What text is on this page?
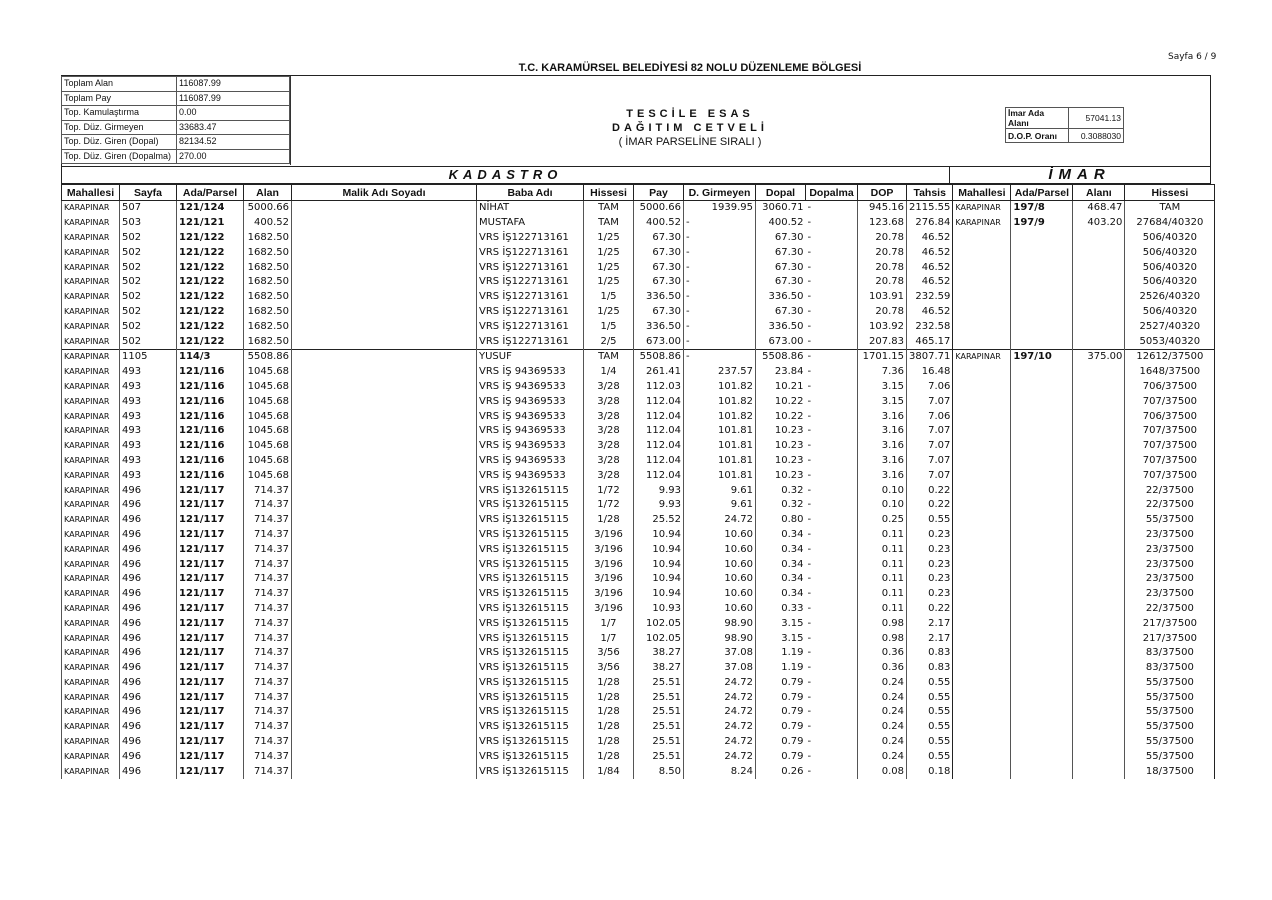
Sayfa 6 / 9
T.C. KARAMÜRSEL BELEDİYESİ 82 NOLU DÜZENLEME BÖLGESİ
Toplam Alan	116087.99
Toplam Pay	116087.99
Top. Kamulaştırma	0.00
Top. Düz. Girmeyen	33683.47
Top. Düz. Giren (Dopal)	82134.52
Top. Düz. Giren (Dopalma)	270.00
TESCİLE ESAS
DAĞITIM CETVELİ
( İMAR PARSELİNE SIRALI )
İmar Ada Alanı	57041.13
D.O.P. Oranı	0.3088030
KADASTRO	İMAR
Mahallesi	Sayfa	Ada/Parsel	Alan	Malik Adı Soyadı	Baba Adı	Hissesi	Pay	D. Girmeyen	Dopal	Dopalma	DOP	Tahsis	Mahallesi	Ada/Parsel	Alanı	Hissesi
KARAPINAR	507	121/124	5000.66		NİHAT	TAM	5000.66	1939.95	3060.71	-	945.16	2115.55	KARAPINAR	197/8	468.47	TAM
KARAPINAR	503	121/121	400.52		MUSTAFA	TAM	400.52	-	400.52	-	123.68	276.84	KARAPINAR	197/9	403.20	27684/40320
KARAPINAR	502	121/122	1682.50		VRS İŞ122713161	1/25	67.30	-	67.30	-	20.78	46.52				506/40320
KARAPINAR	502	121/122	1682.50		VRS İŞ122713161	1/25	67.30	-	67.30	-	20.78	46.52				506/40320
KARAPINAR	502	121/122	1682.50		VRS İŞ122713161	1/25	67.30	-	67.30	-	20.78	46.52				506/40320
KARAPINAR	502	121/122	1682.50		VRS İŞ122713161	1/25	67.30	-	67.30	-	20.78	46.52				506/40320
KARAPINAR	502	121/122	1682.50		VRS İŞ122713161	1/5	336.50	-	336.50	-	103.91	232.59				2526/40320
KARAPINAR	502	121/122	1682.50		VRS İŞ122713161	1/25	67.30	-	67.30	-	20.78	46.52				506/40320
KARAPINAR	502	121/122	1682.50		VRS İŞ122713161	1/5	336.50	-	336.50	-	103.92	232.58				2527/40320
KARAPINAR	502	121/122	1682.50		VRS İŞ122713161	2/5	673.00	-	673.00	-	207.83	465.17				5053/40320
KARAPINAR	1105	114/3	5508.86		YUSUF	TAM	5508.86	-	5508.86	-	1701.15	3807.71	KARAPINAR	197/10	375.00	12612/37500
KARAPINAR	493	121/116	1045.68		VRS İŞ 94369533	1/4	261.41	237.57	23.84	-	7.36	16.48				1648/37500
KARAPINAR	493	121/116	1045.68		VRS İŞ 94369533	3/28	112.03	101.82	10.21	-	3.15	7.06				706/37500
KARAPINAR	493	121/116	1045.68		VRS İŞ 94369533	3/28	112.04	101.82	10.22	-	3.15	7.07				707/37500
KARAPINAR	493	121/116	1045.68		VRS İŞ 94369533	3/28	112.04	101.82	10.22	-	3.16	7.06				706/37500
KARAPINAR	493	121/116	1045.68		VRS İŞ 94369533	3/28	112.04	101.81	10.23	-	3.16	7.07				707/37500
KARAPINAR	493	121/116	1045.68		VRS İŞ 94369533	3/28	112.04	101.81	10.23	-	3.16	7.07				707/37500
KARAPINAR	493	121/116	1045.68		VRS İŞ 94369533	3/28	112.04	101.81	10.23	-	3.16	7.07				707/37500
KARAPINAR	493	121/116	1045.68		VRS İŞ 94369533	3/28	112.04	101.81	10.23	-	3.16	7.07				707/37500
KARAPINAR	496	121/117	714.37		VRS İŞ132615115	1/72	9.93	9.61	0.32	-	0.10	0.22				22/37500
KARAPINAR	496	121/117	714.37		VRS İŞ132615115	1/72	9.93	9.61	0.32	-	0.10	0.22				22/37500
KARAPINAR	496	121/117	714.37		VRS İŞ132615115	1/28	25.52	24.72	0.80	-	0.25	0.55				55/37500
KARAPINAR	496	121/117	714.37		VRS İŞ132615115	3/196	10.94	10.60	0.34	-	0.11	0.23				23/37500
KARAPINAR	496	121/117	714.37		VRS İŞ132615115	3/196	10.94	10.60	0.34	-	0.11	0.23				23/37500
KARAPINAR	496	121/117	714.37		VRS İŞ132615115	3/196	10.94	10.60	0.34	-	0.11	0.23				23/37500
KARAPINAR	496	121/117	714.37		VRS İŞ132615115	3/196	10.94	10.60	0.34	-	0.11	0.23				23/37500
KARAPINAR	496	121/117	714.37		VRS İŞ132615115	3/196	10.94	10.60	0.34	-	0.11	0.23				23/37500
KARAPINAR	496	121/117	714.37		VRS İŞ132615115	3/196	10.93	10.60	0.33	-	0.11	0.22				22/37500
KARAPINAR	496	121/117	714.37		VRS İŞ132615115	1/7	102.05	98.90	3.15	-	0.98	2.17				217/37500
KARAPINAR	496	121/117	714.37		VRS İŞ132615115	1/7	102.05	98.90	3.15	-	0.98	2.17				217/37500
KARAPINAR	496	121/117	714.37		VRS İŞ132615115	3/56	38.27	37.08	1.19	-	0.36	0.83				83/37500
KARAPINAR	496	121/117	714.37		VRS İŞ132615115	3/56	38.27	37.08	1.19	-	0.36	0.83				83/37500
KARAPINAR	496	121/117	714.37		VRS İŞ132615115	1/28	25.51	24.72	0.79	-	0.24	0.55				55/37500
KARAPINAR	496	121/117	714.37		VRS İŞ132615115	1/28	25.51	24.72	0.79	-	0.24	0.55				55/37500
KARAPINAR	496	121/117	714.37		VRS İŞ132615115	1/28	25.51	24.72	0.79	-	0.24	0.55				55/37500
KARAPINAR	496	121/117	714.37		VRS İŞ132615115	1/28	25.51	24.72	0.79	-	0.24	0.55				55/37500
KARAPINAR	496	121/117	714.37		VRS İŞ132615115	1/28	25.51	24.72	0.79	-	0.24	0.55				55/37500
KARAPINAR	496	121/117	714.37		VRS İŞ132615115	1/28	25.51	24.72	0.79	-	0.24	0.55				55/37500
KARAPINAR	496	121/117	714.37		VRS İŞ132615115	1/84	8.50	8.24	0.26	-	0.08	0.18				18/37500
